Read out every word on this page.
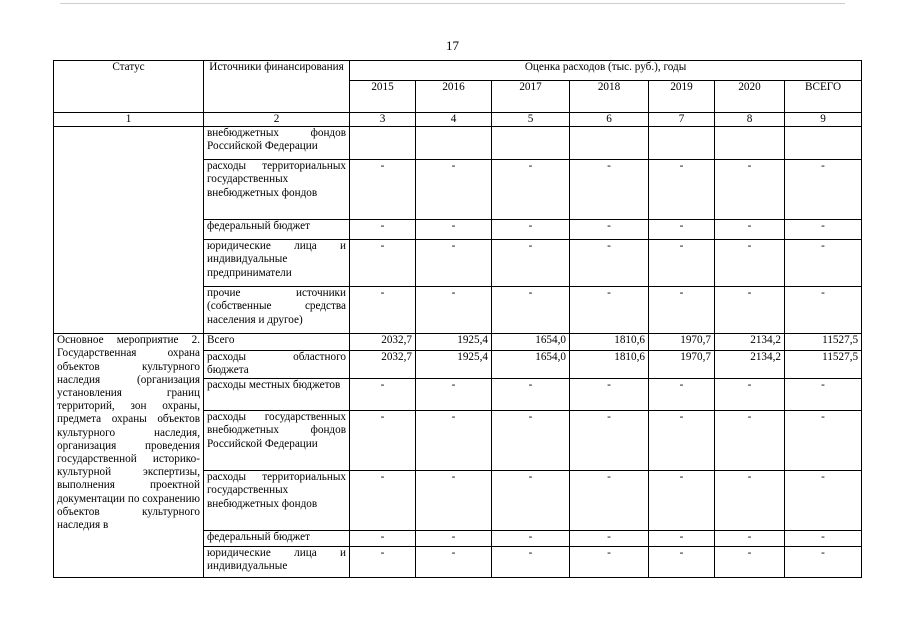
17
Статус	Источники финансирования	Оценка расходов (тыс. руб.), годы						
		2015	2016	2017	2018	2019	2020	ВСЕГО
1	2	3	4	5	6	7	8	9
	внебюджетных фондов Российской Федерации							
	расходы территориальных государственных внебюджетных фондов	-	-	-	-	-	-	-
	федеральный бюджет	-	-	-	-	-	-	-
	юридические лица и индивидуальные предприниматели	-	-	-	-	-	-	-
	прочие источники (собственные средства населения и другое)	-	-	-	-	-	-	-
Основное мероприятие 2. Государственная охрана объектов культурного наследия (организация установления границ территорий, зон охраны, предмета охраны объектов культурного наследия, организация проведения государственной историко-культурной экспертизы, выполнения проектной документации по сохранению объектов культурного наследия в	Всего	2032,7	1925,4	1654,0	1810,6	1970,7	2134,2	11527,5
	расходы областного бюджета	2032,7	1925,4	1654,0	1810,6	1970,7	2134,2	11527,5
	расходы местных бюджетов	-	-	-	-	-	-	-
	расходы государственных внебюджетных фондов Российской Федерации	-	-	-	-	-	-	-
	расходы территориальных государственных внебюджетных фондов	-	-	-	-	-	-	-
	федеральный бюджет	-	-	-	-	-	-	-
	юридические лица и индивидуальные	-	-	-	-	-	-	-
